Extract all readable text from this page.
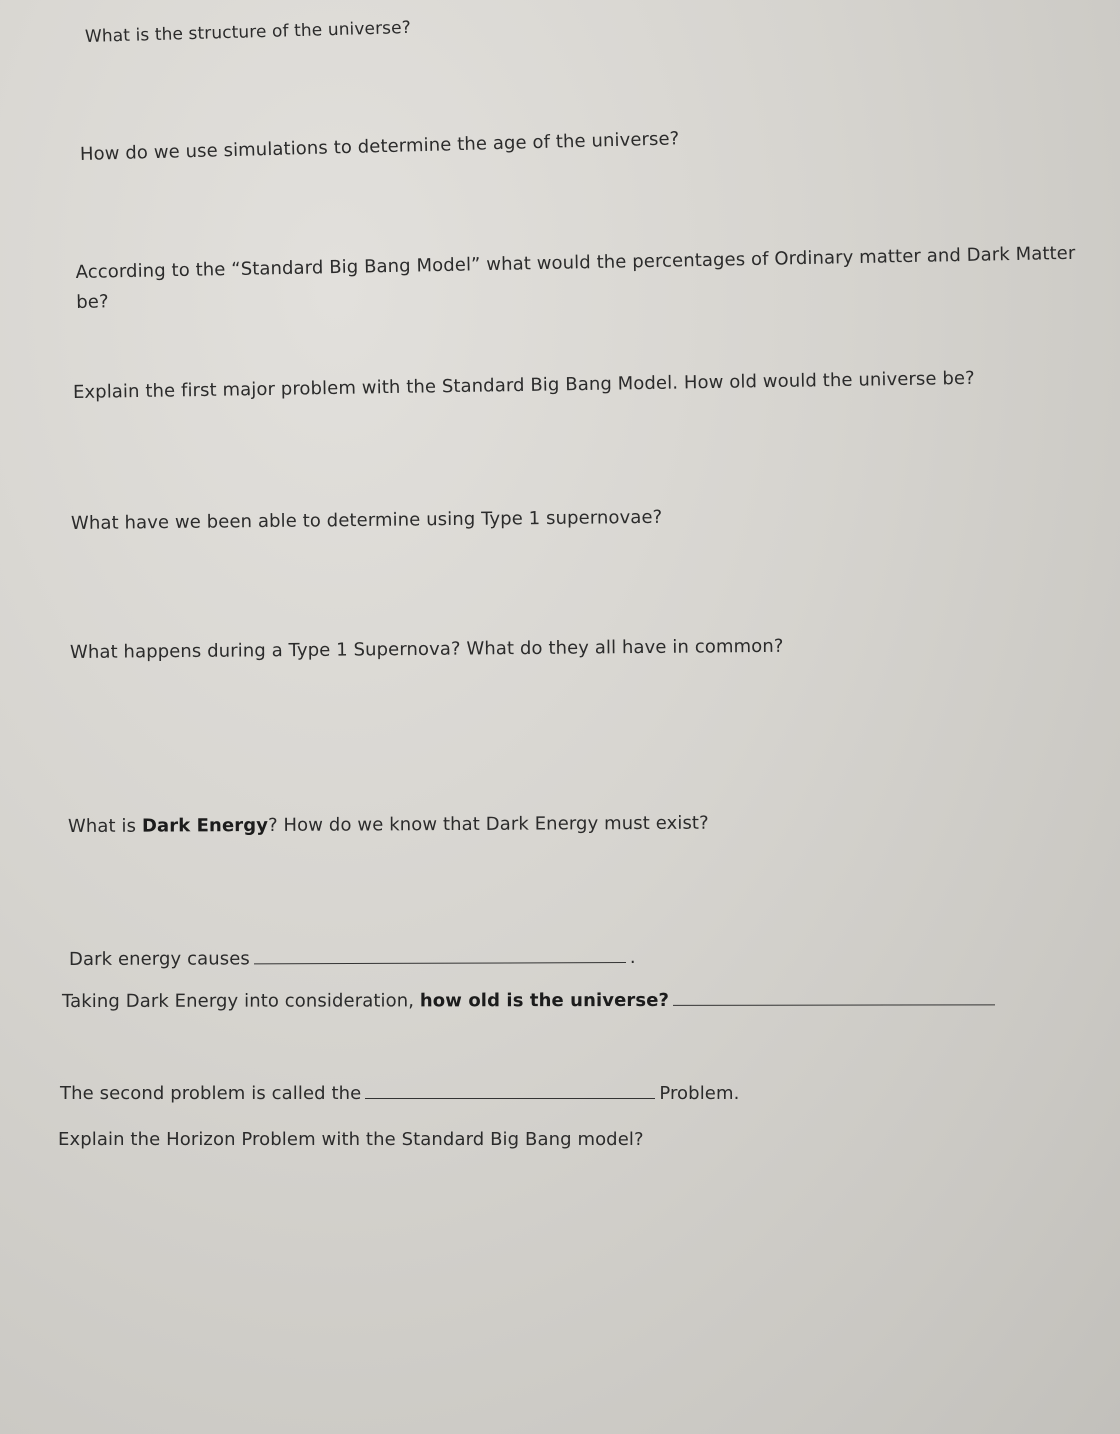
What is the structure of the universe?
How do we use simulations to determine the age of the universe?
According to the “Standard Big Bang Model” what would the percentages of Ordinary matter and Dark Matter
be?
Explain the first major problem with the Standard Big Bang Model. How old would the universe be?
What have we been able to determine using Type 1 supernovae?
What happens during a Type 1 Supernova? What do they all have in common?
What is Dark Energy? How do we know that Dark Energy must exist?
Dark energy causes	.
Taking Dark Energy into consideration, how old is the universe?
The second problem is called the	Problem.
Explain the Horizon Problem with the Standard Big Bang model?
